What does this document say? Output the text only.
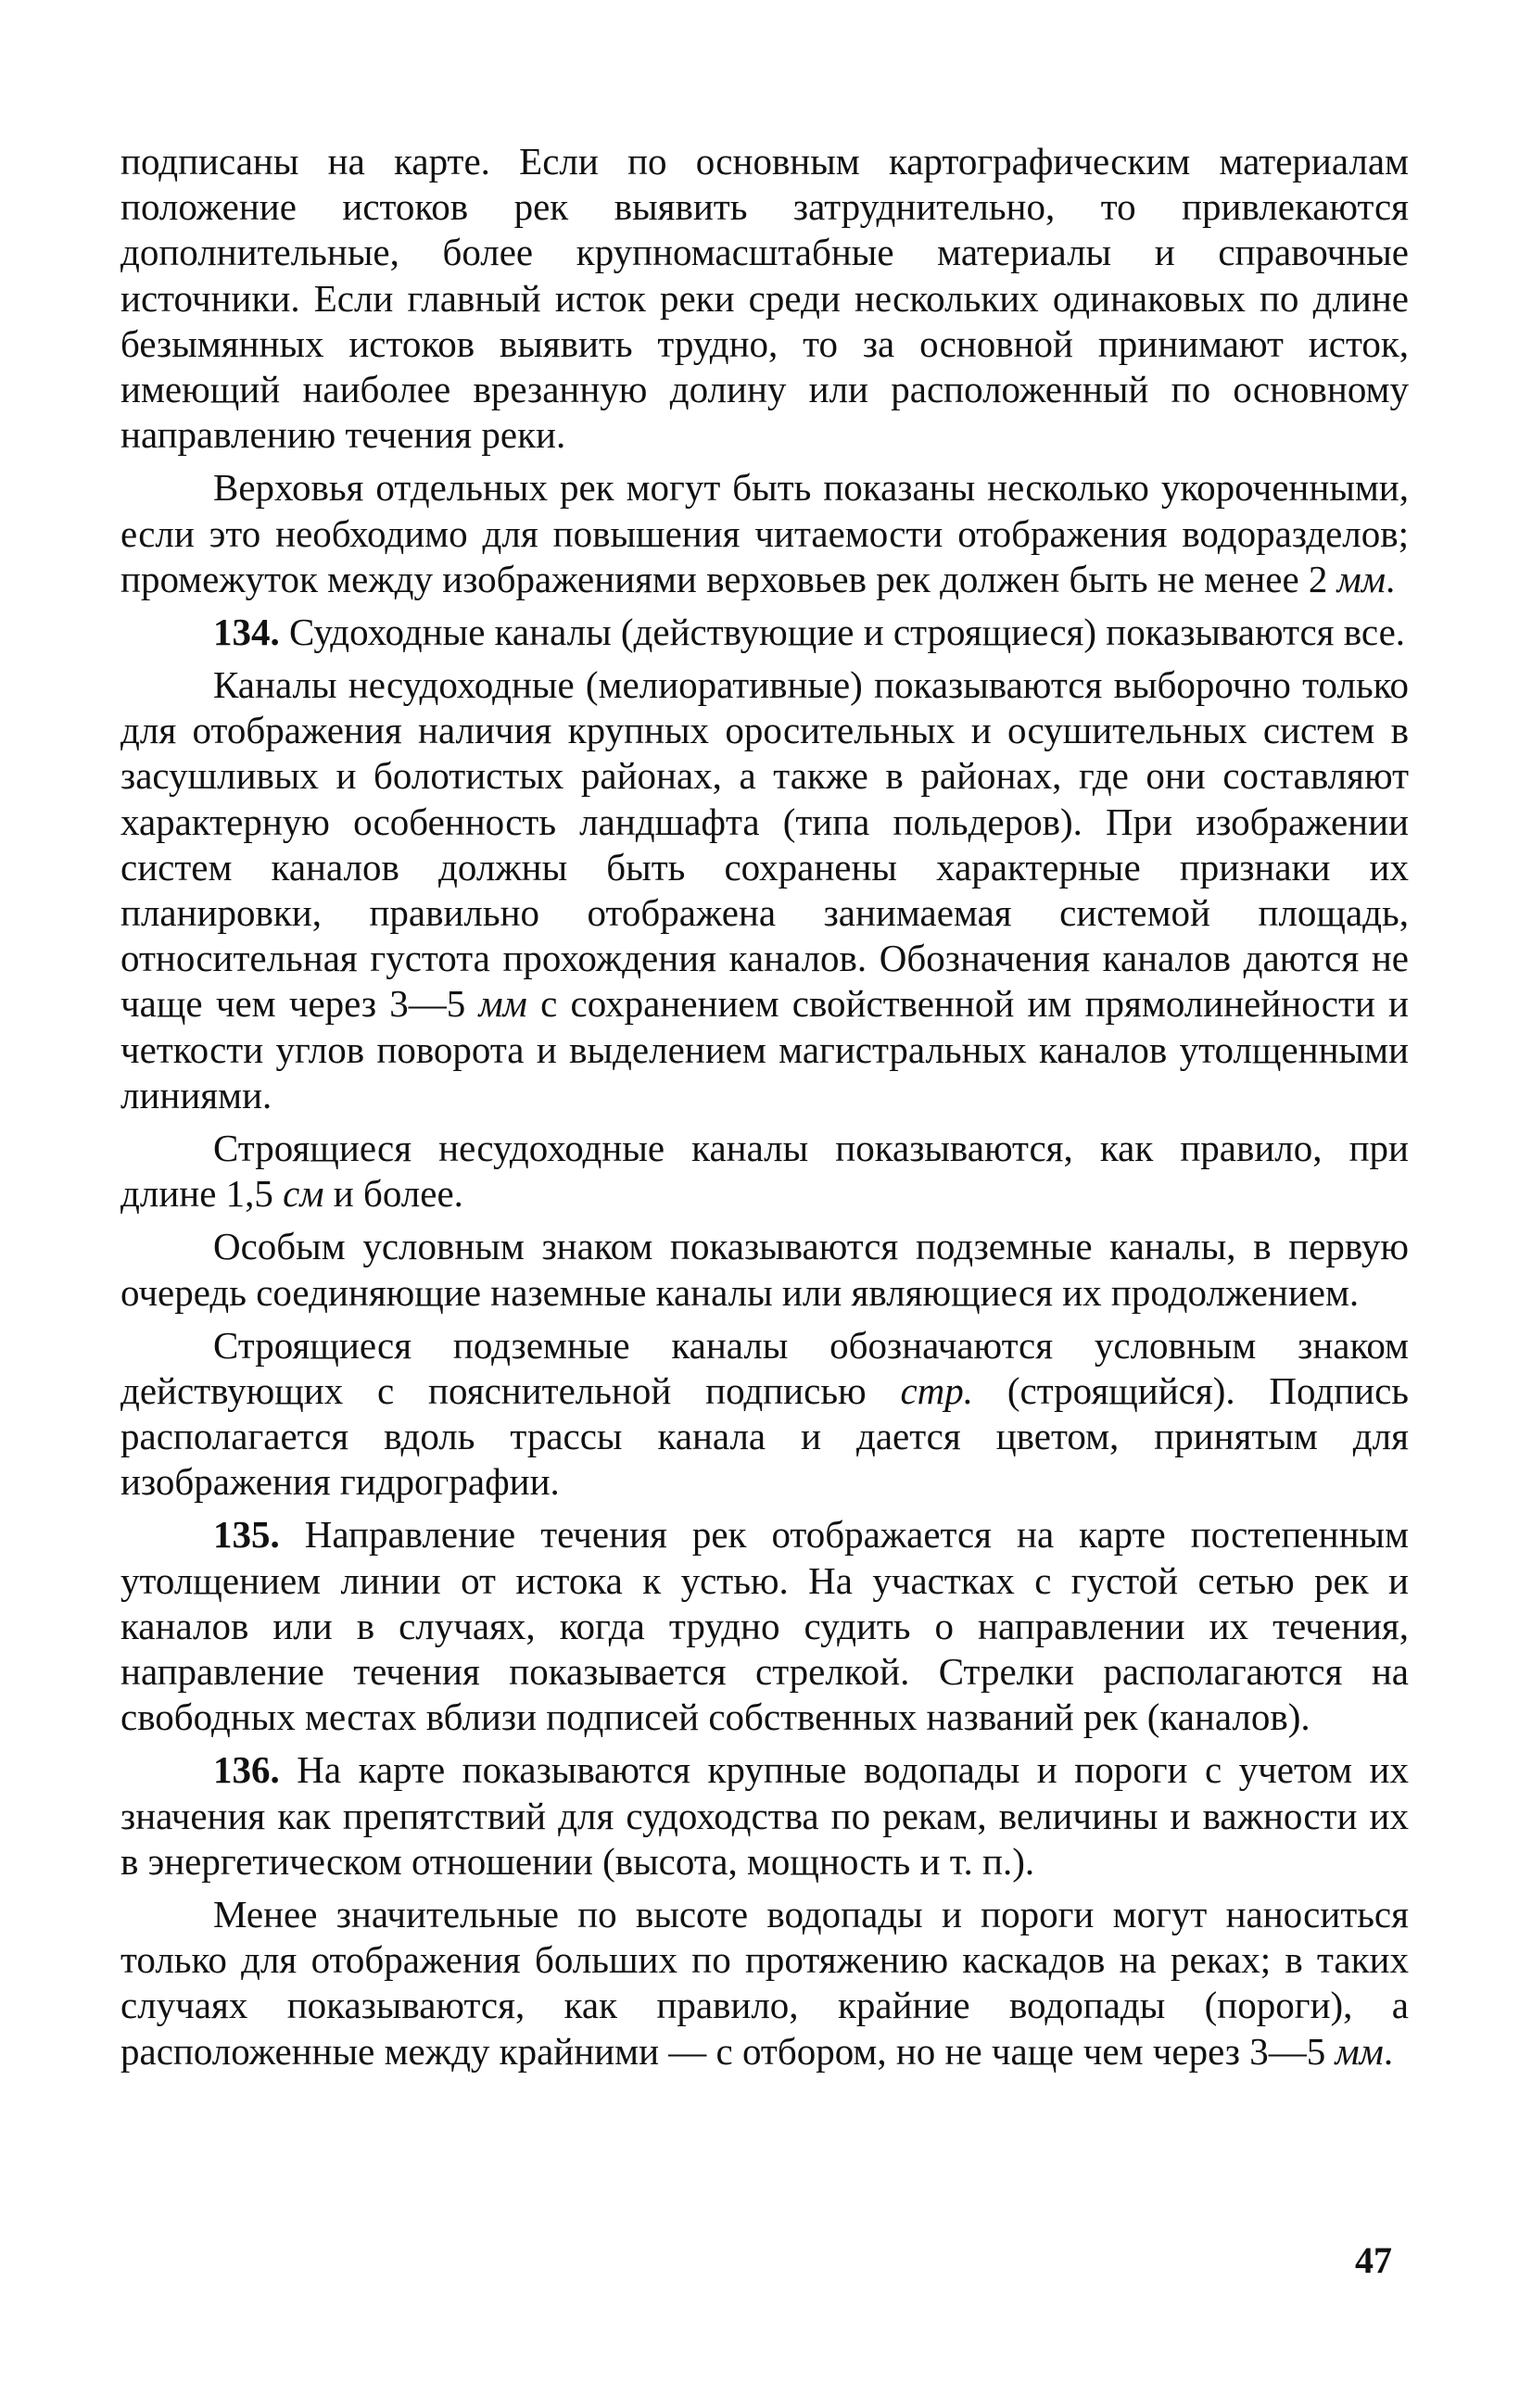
подписаны на карте. Если по основным картографическим материалам положение истоков рек выявить затруднительно, то привлекаются дополнительные, более крупномасштабные материалы и справочные источники. Если главный исток реки среди нескольких одинаковых по длине безымянных истоков выявить трудно, то за основной принимают исток, имеющий наиболее врезанную долину или расположенный по основному направлению течения реки.

Верховья отдельных рек могут быть показаны несколько укороченными, если это необходимо для повышения читаемости отображения водоразделов; промежуток между изображениями верховьев рек должен быть не менее 2 мм.

134. Судоходные каналы (действующие и строящиеся) показываются все.

Каналы несудоходные (мелиоративные) показываются выборочно только для отображения наличия крупных оросительных и осушительных систем в засушливых и болотистых районах, а также в районах, где они составляют характерную особенность ландшафта (типа польдеров). При изображении систем каналов должны быть сохранены характерные признаки их планировки, правильно отображена занимаемая системой площадь, относительная густота прохождения каналов. Обозначения каналов даются не чаще чем через 3—5 мм с сохранением свойственной им прямолинейности и четкости углов поворота и выделением магистральных каналов утолщенными линиями.

Строящиеся несудоходные каналы показываются, как правило, при длине 1,5 см и более.

Особым условным знаком показываются подземные каналы, в первую очередь соединяющие наземные каналы или являющиеся их продолжением.

Строящиеся подземные каналы обозначаются условным знаком действующих с пояснительной подписью стр. (строящийся). Подпись располагается вдоль трассы канала и дается цветом, принятым для изображения гидрографии.

135. Направление течения рек отображается на карте постепенным утолщением линии от истока к устью. На участках с густой сетью рек и каналов или в случаях, когда трудно судить о направлении их течения, направление течения показывается стрелкой. Стрелки располагаются на свободных местах вблизи подписей собственных названий рек (каналов).

136. На карте показываются крупные водопады и пороги с учетом их значения как препятствий для судоходства по рекам, величины и важности их в энергетическом отношении (высота, мощность и т. п.).

Менее значительные по высоте водопады и пороги могут наноситься только для отображения больших по протяжению каскадов на реках; в таких случаях показываются, как правило, крайние водопады (пороги), а расположенные между крайними — с отбором, но не чаще чем через 3—5 мм.

47
